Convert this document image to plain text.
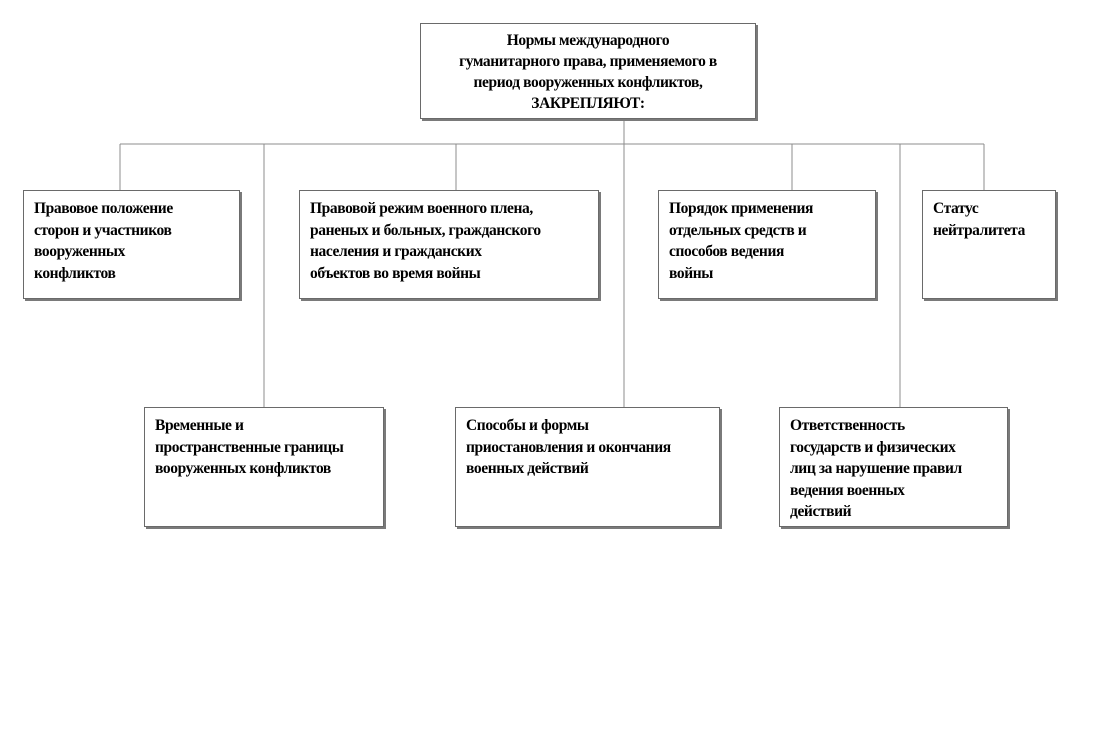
Нормы международного
гуманитарного права, применяемого в
период вооруженных конфликтов,
ЗАКРЕПЛЯЮТ:
Правовое положение
сторон и участников
вооруженных
конфликтов
Правовой режим военного плена,
раненых и больных, гражданского
населения и гражданских
объектов во время войны
Порядок применения
отдельных средств и
способов ведения
войны
Статус
нейтралитета
Временные и
пространственные границы
вооруженных конфликтов
Способы и формы
приостановления и окончания
военных действий
Ответственность
государств и физических
лиц за нарушение правил
ведения военных
действий
